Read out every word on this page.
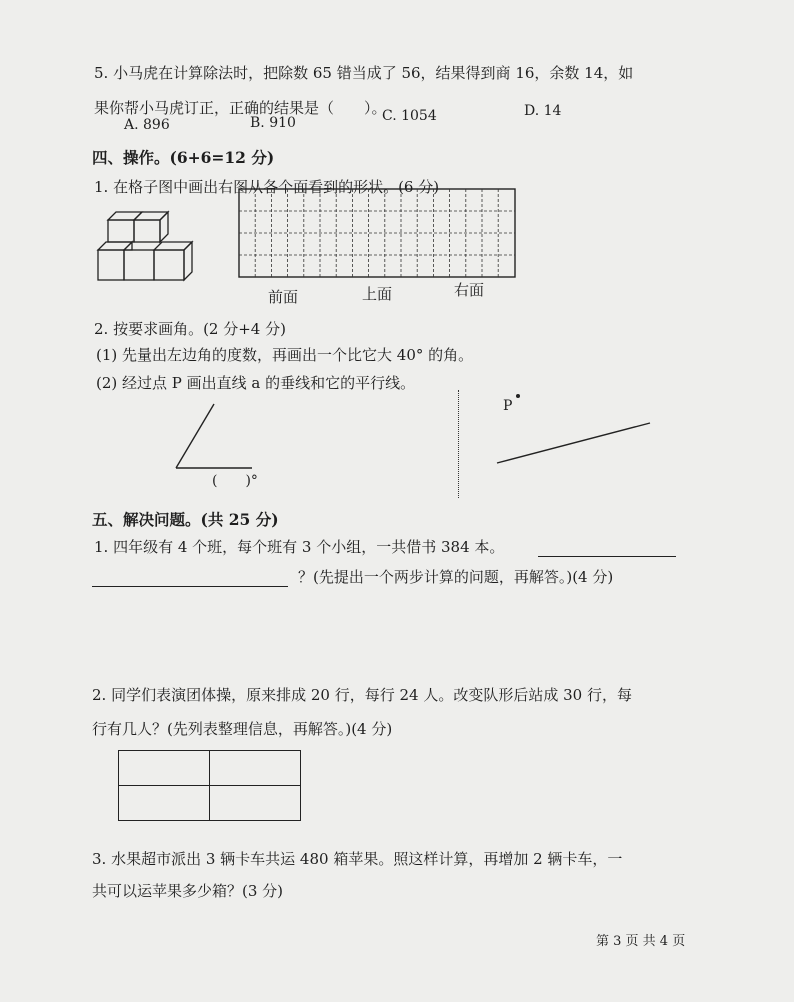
5. 小马虎在计算除法时，把除数 65 错当成了 56，结果得到商 16，余数 14，如
果你帮小马虎订正，正确的结果是（　　）。
A. 896	B. 910	C. 1054	D. 14
四、操作。(6+6=12 分)
1. 在格子图中画出右图从各个面看到的形状。(6 分)
前面	上面	右面
2. 按要求画角。(2 分+4 分)
(1) 先量出左边角的度数，再画出一个比它大 40° 的角。
(2) 经过点 P 画出直线 a 的垂线和它的平行线。
(　　)°
P
五、解决问题。(共 25 分)
1. 四年级有 4 个班，每个班有 3 个小组，一共借书 384 本。
？(先提出一个两步计算的问题，再解答。)(4 分)
2. 同学们表演团体操，原来排成 20 行，每行 24 人。改变队形后站成 30 行，每
行有几人？(先列表整理信息，再解答。)(4 分)

3. 水果超市派出 3 辆卡车共运 480 箱苹果。照这样计算，再增加 2 辆卡车，一
共可以运苹果多少箱？(3 分)
第 3 页 共 4 页
